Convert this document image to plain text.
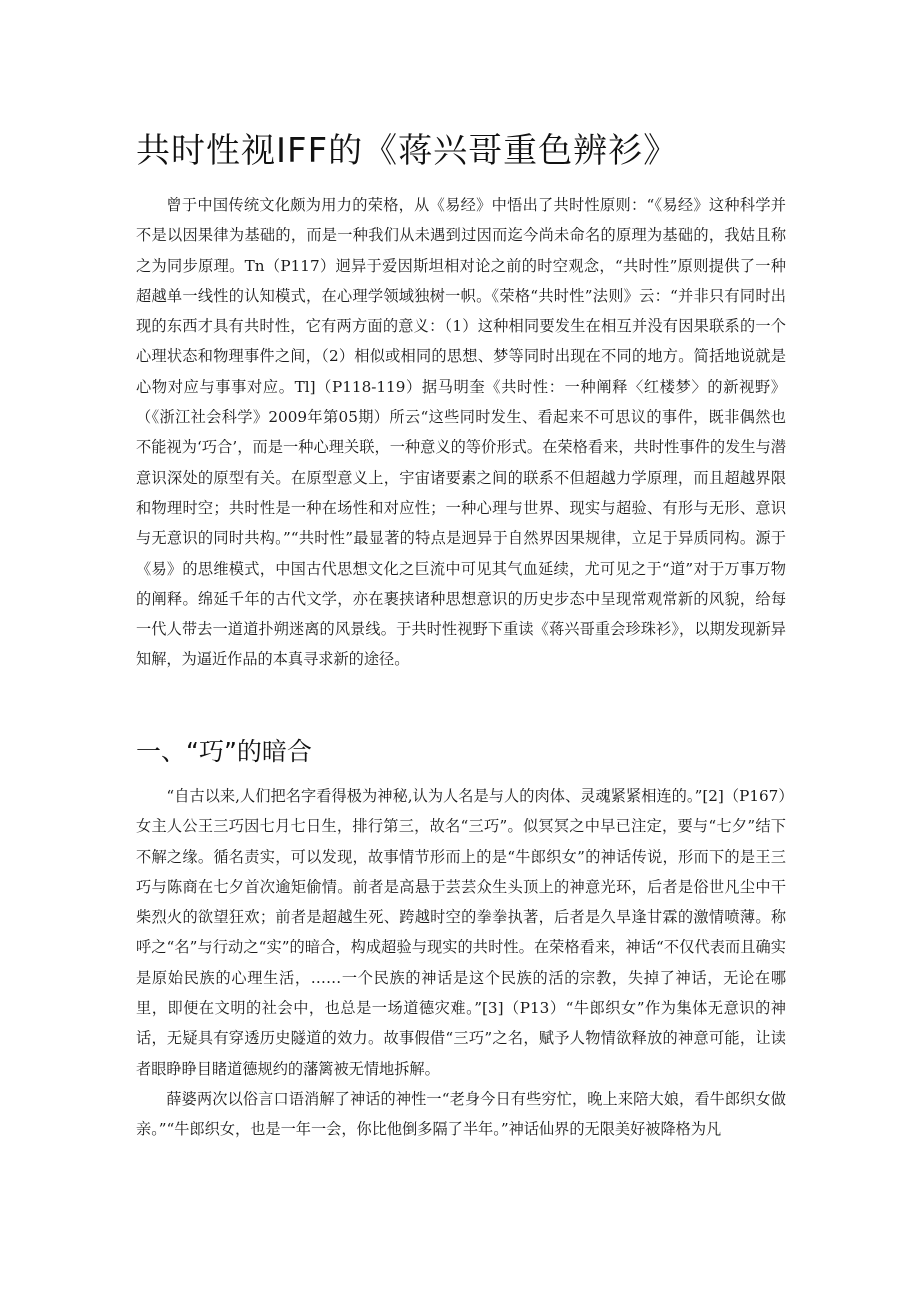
共时性视IFF的《蒋兴哥重色辨衫》

曾于中国传统文化颇为用力的荣格，从《易经》中悟出了共时性原则：“《易经》这种科学并不是以因果律为基础的，而是一种我们从未遇到过因而迄今尚未命名的原理为基础的，我姑且称之为同步原理。Tn（P117）迥异于爱因斯坦相对论之前的时空观念，“共时性”原则提供了一种超越单一线性的认知模式，在心理学领域独树一帜。《荣格“共时性”法则》云：“并非只有同时出现的东西才具有共时性，它有两方面的意义：（1）这种相同要发生在相互并没有因果联系的一个心理状态和物理事件之间，（2）相似或相同的思想、梦等同时出现在不同的地方。简括地说就是心物对应与事事对应。Tl]（P118-119）据马明奎《共时性：一种阐释〈红楼梦〉的新视野》（《浙江社会科学》2009年第05期）所云“这些同时发生、看起来不可思议的事件，既非偶然也不能视为‘巧合’，而是一种心理关联，一种意义的等价形式。在荣格看来，共时性事件的发生与潜意识深处的原型有关。在原型意义上，宇宙诸要素之间的联系不但超越力学原理，而且超越界限和物理时空；共时性是一种在场性和对应性；一种心理与世界、现实与超验、有形与无形、意识与无意识的同时共构。”“共时性”最显著的特点是迥异于自然界因果规律，立足于异质同构。源于《易》的思维模式，中国古代思想文化之巨流中可见其气血延续，尤可见之于“道”对于万事万物的阐释。绵延千年的古代文学，亦在裹挟诸种思想意识的历史步态中呈现常观常新的风貌，给每一代人带去一道道扑朔迷离的风景线。于共时性视野下重读《蒋兴哥重会珍珠衫》，以期发现新异知解，为逼近作品的本真寻求新的途径。

一、“巧”的暗合

“自古以来,人们把名字看得极为神秘,认为人名是与人的肉体、灵魂紧紧相连的。”[2]（P167）女主人公王三巧因七月七日生，排行第三，故名“三巧”。似冥冥之中早已注定，要与“七夕”结下不解之缘。循名责实，可以发现，故事情节形而上的是“牛郎织女”的神话传说，形而下的是王三巧与陈商在七夕首次逾矩偷情。前者是高悬于芸芸众生头顶上的神意光环，后者是俗世凡尘中干柴烈火的欲望狂欢；前者是超越生死、跨越时空的拳拳执著，后者是久旱逢甘霖的激情喷薄。称呼之“名”与行动之“实”的暗合，构成超验与现实的共时性。在荣格看来，神话“不仅代表而且确实是原始民族的心理生活，……一个民族的神话是这个民族的活的宗教，失掉了神话，无论在哪里，即便在文明的社会中，也总是一场道德灾难。”[3]（P13）“牛郎织女”作为集体无意识的神话，无疑具有穿透历史隧道的效力。故事假借“三巧”之名，赋予人物情欲释放的神意可能，让读者眼睁睁目睹道德规约的藩篱被无情地拆解。

薛婆两次以俗言口语消解了神话的神性一“老身今日有些穷忙，晚上来陪大娘，看牛郎织女做亲。”“牛郎织女，也是一年一会，你比他倒多隔了半年。”神话仙界的无限美好被降格为凡
